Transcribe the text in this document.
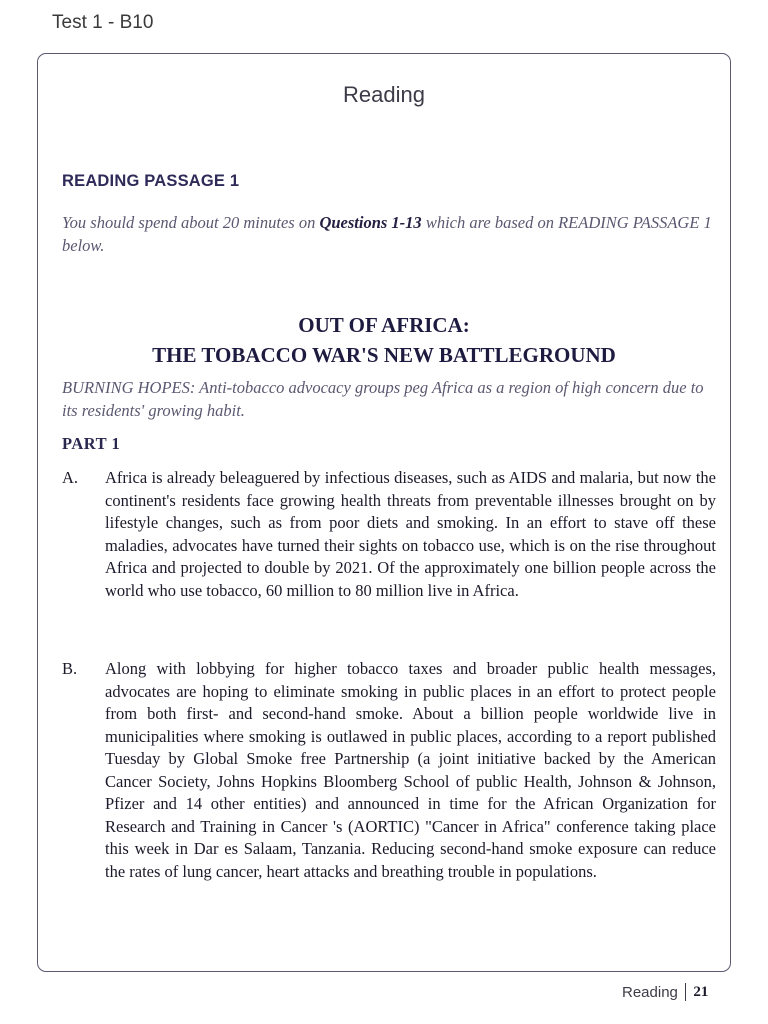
Test 1 - B10
Reading
READING PASSAGE 1
You should spend about 20 minutes on Questions 1-13 which are based on READING PASSAGE 1 below.
OUT OF AFRICA:
THE TOBACCO WAR'S NEW BATTLEGROUND
BURNING HOPES: Anti-tobacco advocacy groups peg Africa as a region of high concern due to its residents' growing habit.
PART 1
A. Africa is already beleaguered by infectious diseases, such as AIDS and malaria, but now the continent's residents face growing health threats from preventable illnesses brought on by lifestyle changes, such as from poor diets and smoking. In an effort to stave off these maladies, advocates have turned their sights on tobacco use, which is on the rise throughout Africa and projected to double by 2021. Of the approximately one billion people across the world who use tobacco, 60 million to 80 million live in Africa.
B. Along with lobbying for higher tobacco taxes and broader public health messages, advocates are hoping to eliminate smoking in public places in an effort to protect people from both first- and second-hand smoke. About a billion people worldwide live in municipalities where smoking is outlawed in public places, according to a report published Tuesday by Global Smoke free Partnership (a joint initiative backed by the American Cancer Society, Johns Hopkins Bloomberg School of public Health, Johnson & Johnson, Pfizer and 14 other entities) and announced in time for the African Organization for Research and Training in Cancer 's (AORTIC) "Cancer in Africa" conference taking place this week in Dar es Salaam, Tanzania. Reducing second-hand smoke exposure can reduce the rates of lung cancer, heart attacks and breathing trouble in populations.
Reading 21
